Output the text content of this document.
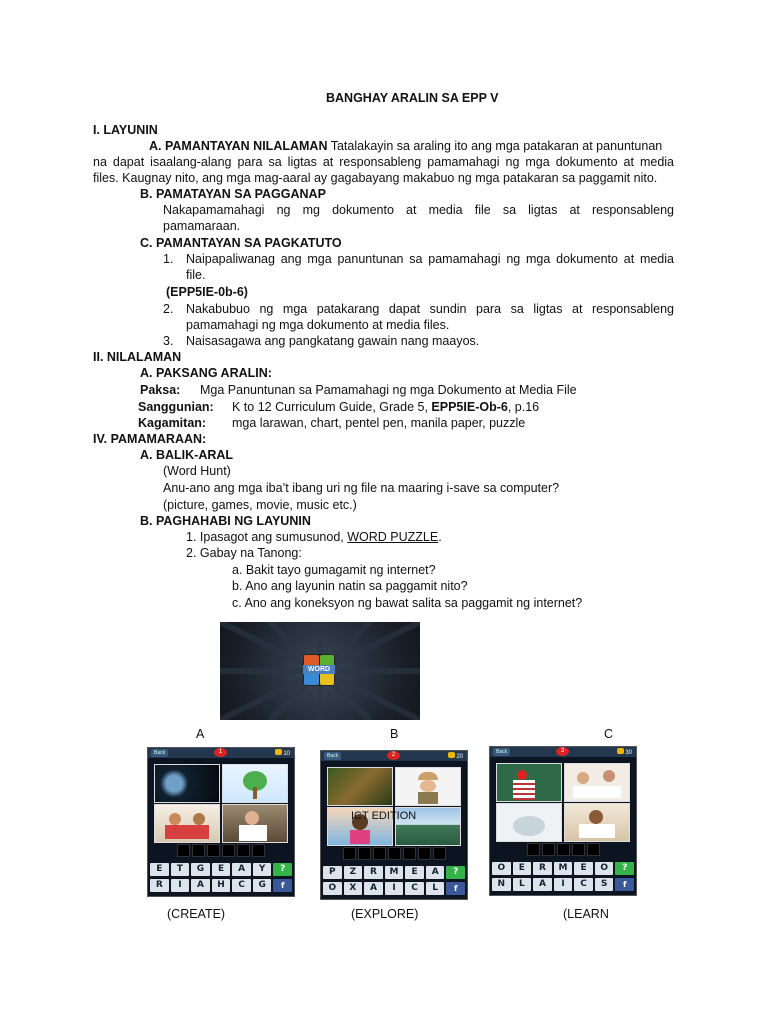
BANGHAY ARALIN SA EPP V
I. LAYUNIN
A. PAMANTAYAN NILALAMAN Tatalakayin sa araling ito ang mga patakaran at panuntunan
na dapat isaalang-alang para sa ligtas at responsableng pamamahagi ng mga dokumento at media
files. Kaugnay nito, ang mga mag-aaral ay gagabayang makabuo ng mga patakaran sa paggamit nito.
B. PAMATAYAN SA PAGGANAP
Nakapamamahagi ng mg dokumento at media file sa ligtas at responsableng
pamamaraan.
C. PAMANTAYAN SA PAGKATUTO
1. Naipapaliwanag ang mga panuntunan sa pamamahagi ng mga dokumento at media
file.
(EPP5IE-0b-6)
2. Nakabubuo ng mga patakarang dapat sundin para sa ligtas at responsableng
pamamahagi ng mga dokumento at media files.
3. Naisasagawa ang pangkatang gawain nang maayos.
II. NILALAMAN
A. PAKSANG ARALIN:
Paksa: Mga Panuntunan sa Pamamahagi ng mga Dokumento at Media File
Sanggunian: K to 12 Curriculum Guide, Grade 5, EPP5IE-Ob-6, p.16
Kagamitan: mga larawan, chart, pentel pen, manila paper, puzzle
IV. PAMAMARAAN:
A. BALIK-ARAL
(Word Hunt)
Anu-ano ang mga iba’t ibang uri ng file na maaring i-save sa computer?
(picture, games, movie, music etc.)
B. PAGHAHABI NG LAYUNIN
1. Ipasagot ang sumusunod, WORD PUZZLE.
2. Gabay na Tanong:
a. Bakit tayo gumagamit ng internet?
b. Ano ang layunin natin sa paggamit nito?
c. Ano ang koneksyon ng bawat salita sa paggamit ng internet?
WORD
A	B	C
Back	1	10
E	T	G	E	A	Y	?
R	I	A	H	C	G	f
Back	2	20
ICT EDITION
P	Z	R	M	E	A	?
O	X	A	I	C	L	f
Back	3	30
O	E	R	M	E	O	?
N	L	A	I	C	S	f
(CREATE)	(EXPLORE)	(LEARN
